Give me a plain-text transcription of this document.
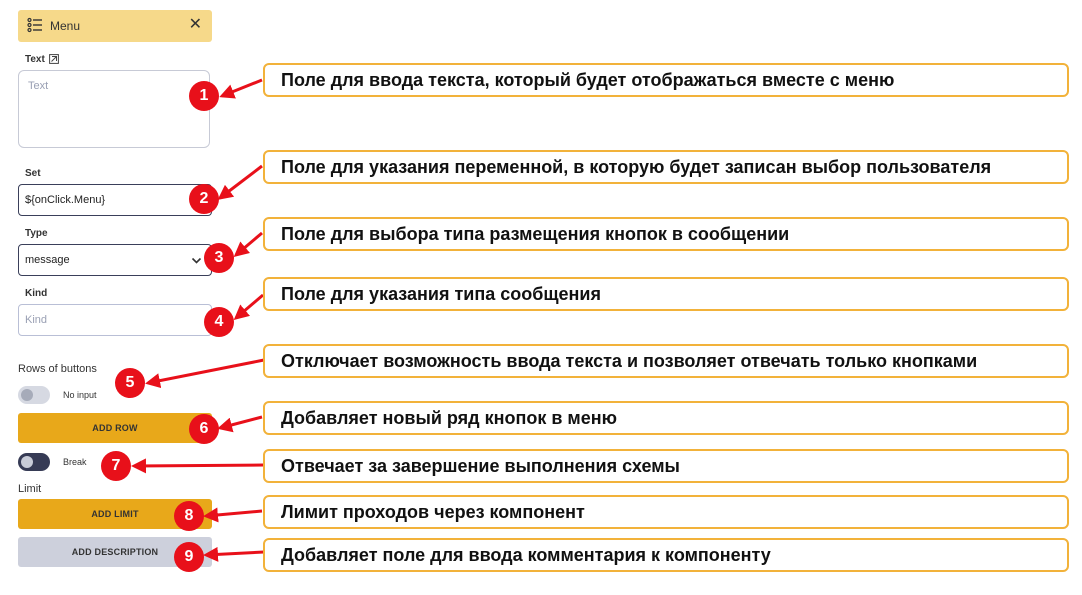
Menu	✕
Text
Text
Set
${onClick.Menu}
Type
message
Kind
Kind
Rows of buttons
No input
ADD ROW
Break
Limit
ADD LIMIT
ADD DESCRIPTION
1
2
3
4
5
6
7
8
9
Поле для ввода текста, который будет отображаться вместе с меню
Поле для указания переменной, в которую будет записан выбор пользователя
Поле для выбора типа размещения кнопок в сообщении
Поле для указания типа сообщения
Отключает возможность ввода текста и позволяет отвечать только кнопками
Добавляет новый ряд кнопок в меню
Отвечает за завершение выполнения схемы
Лимит проходов через компонент
Добавляет поле для ввода комментария к компоненту
